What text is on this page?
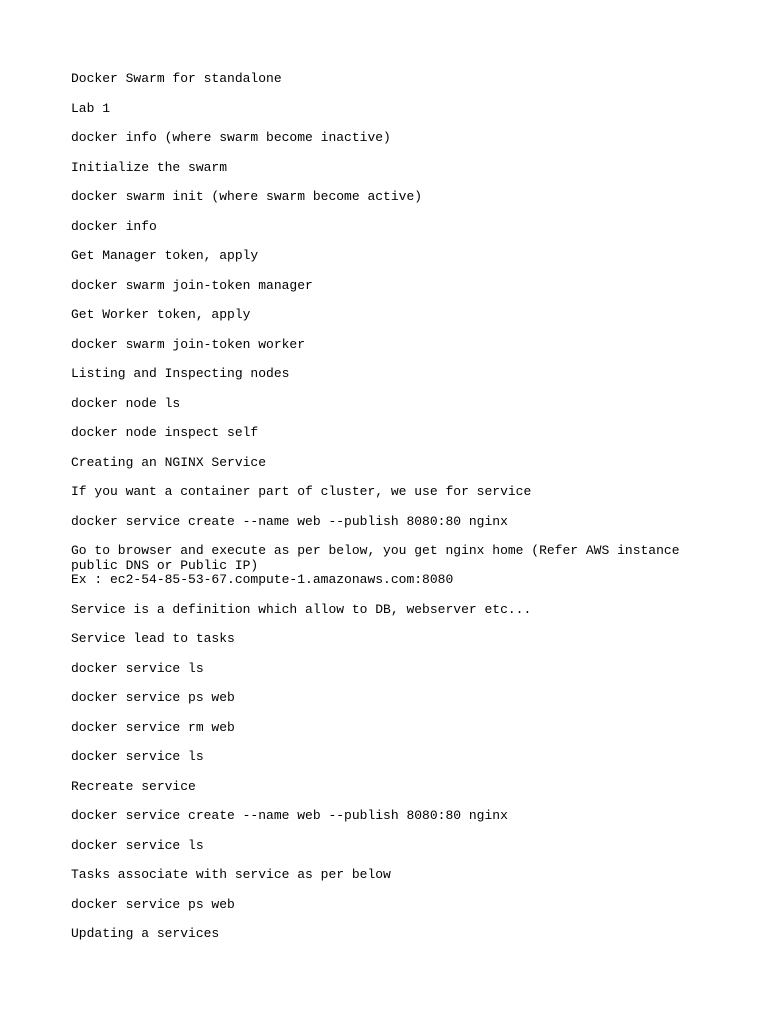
Docker Swarm for standalone

Lab 1

docker info (where swarm become inactive)

Initialize the swarm

docker swarm init (where swarm become active)

docker info

Get Manager token, apply

docker swarm join-token manager

Get Worker token, apply

docker swarm join-token worker

Listing and Inspecting nodes

docker node ls

docker node inspect self

Creating an NGINX Service

If you want a container part of cluster, we use for service

docker service create --name web --publish 8080:80 nginx

Go to browser and execute as per below, you get nginx home (Refer AWS instance
public DNS or Public IP)
Ex : ec2-54-85-53-67.compute-1.amazonaws.com:8080

Service is a definition which allow to DB, webserver etc...

Service lead to tasks

docker service ls

docker service ps web

docker service rm web

docker service ls

Recreate service

docker service create --name web --publish 8080:80 nginx

docker service ls

Tasks associate with service as per below

docker service ps web

Updating a services
